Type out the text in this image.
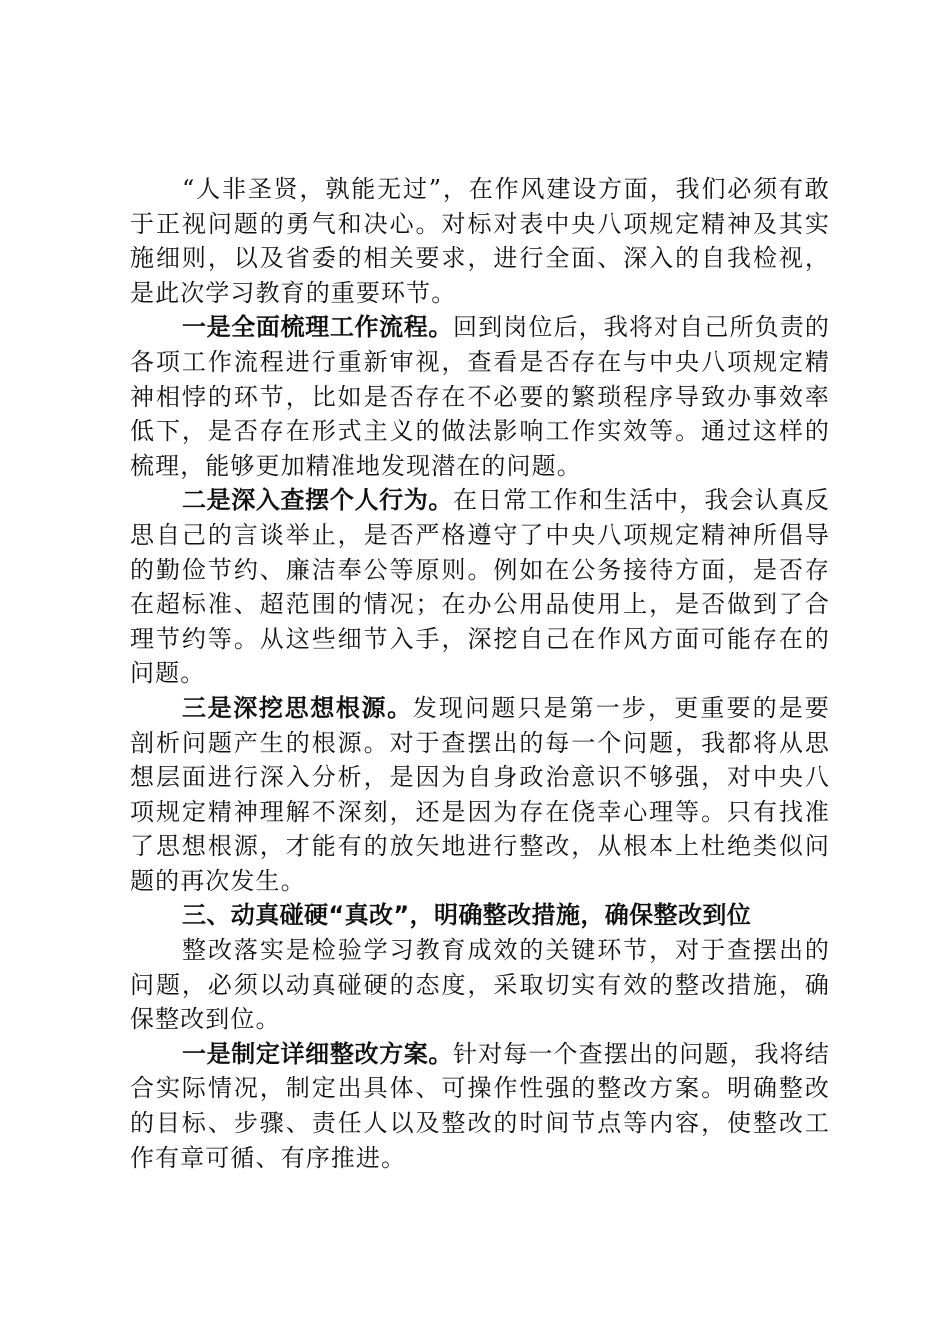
“人非圣贤，孰能无过”，在作风建设方面，我们必须有敢于正视问题的勇气和决心。对标对表中央八项规定精神及其实施细则，以及省委的相关要求，进行全面、深入的自我检视，是此次学习教育的重要环节。

一是全面梳理工作流程。回到岗位后，我将对自己所负责的各项工作流程进行重新审视，查看是否存在与中央八项规定精神相悖的环节，比如是否存在不必要的繁琐程序导致办事效率低下，是否存在形式主义的做法影响工作实效等。通过这样的梳理，能够更加精准地发现潜在的问题。

二是深入查摆个人行为。在日常工作和生活中，我会认真反思自己的言谈举止，是否严格遵守了中央八项规定精神所倡导的勤俭节约、廉洁奉公等原则。例如在公务接待方面，是否存在超标准、超范围的情况；在办公用品使用上，是否做到了合理节约等。从这些细节入手，深挖自己在作风方面可能存在的问题。

三是深挖思想根源。发现问题只是第一步，更重要的是要剖析问题产生的根源。对于查摆出的每一个问题，我都将从思想层面进行深入分析，是因为自身政治意识不够强，对中央八项规定精神理解不深刻，还是因为存在侥幸心理等。只有找准了思想根源，才能有的放矢地进行整改，从根本上杜绝类似问题的再次发生。

三、动真碰硬“真改”，明确整改措施，确保整改到位

整改落实是检验学习教育成效的关键环节，对于查摆出的问题，必须以动真碰硬的态度，采取切实有效的整改措施，确保整改到位。

一是制定详细整改方案。针对每一个查摆出的问题，我将结合实际情况，制定出具体、可操作性强的整改方案。明确整改的目标、步骤、责任人以及整改的时间节点等内容，使整改工作有章可循、有序推进。
